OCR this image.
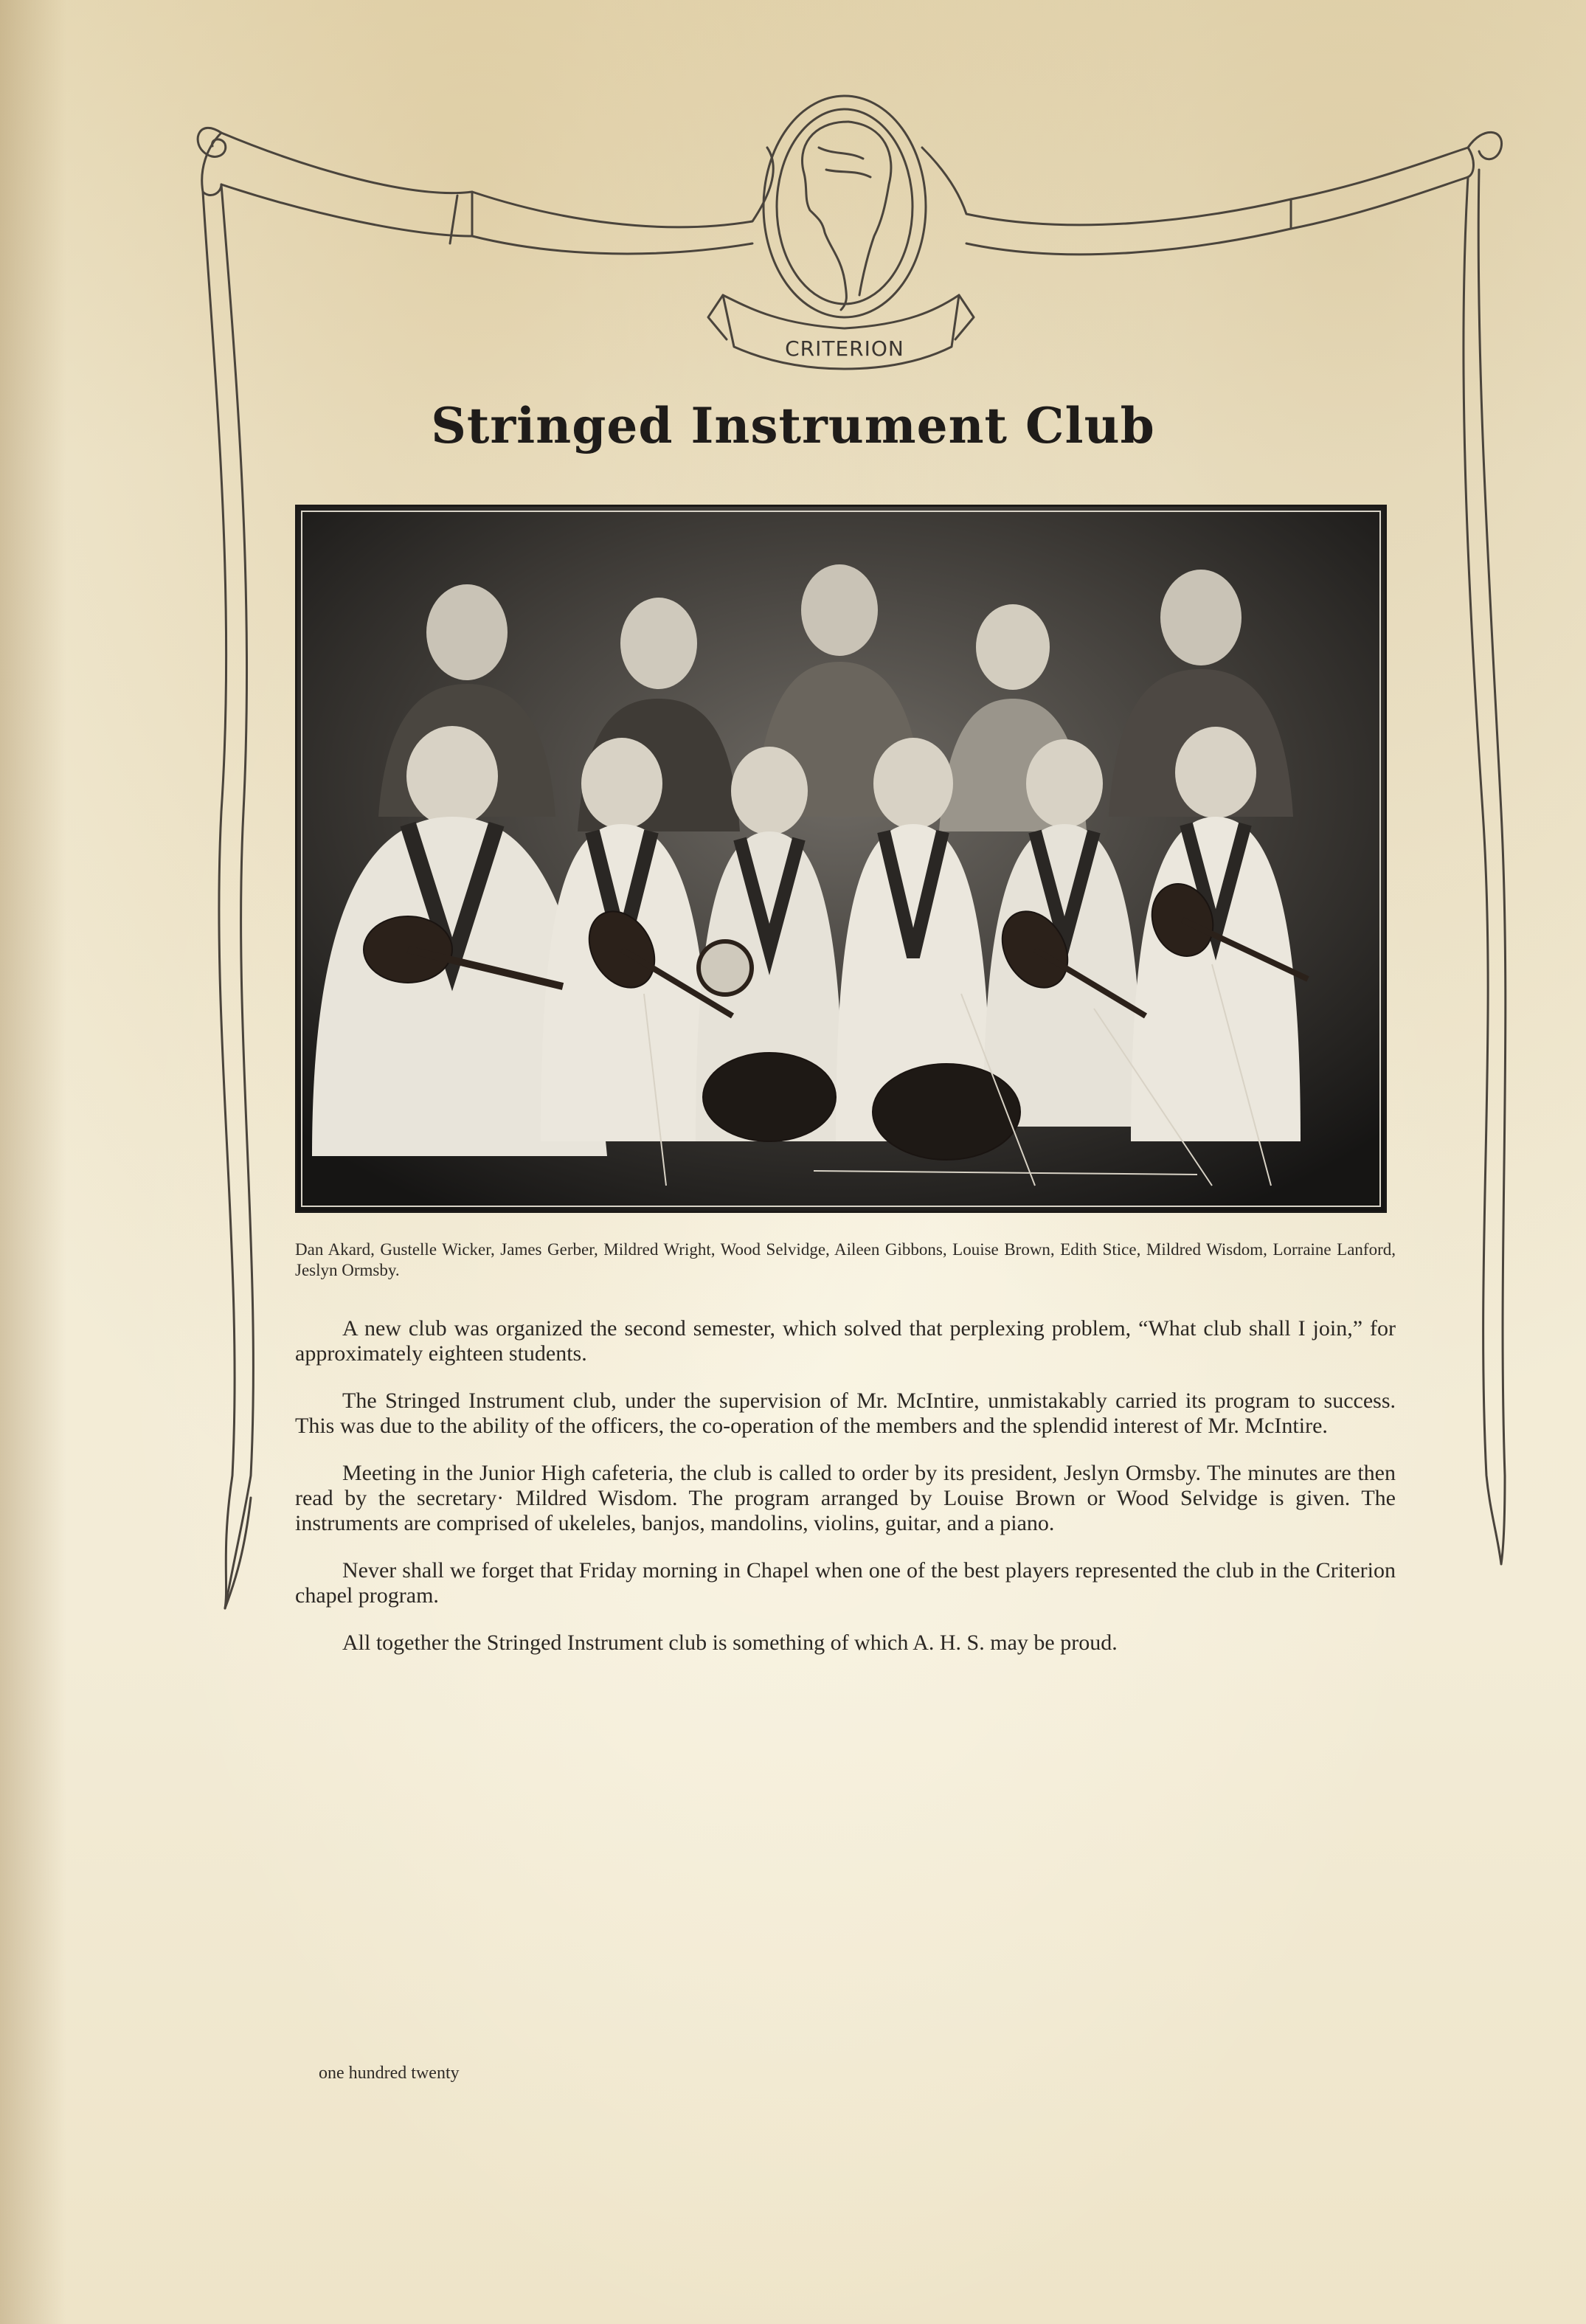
CRITERION
Stringed Instrument Club
Dan Akard, Gustelle Wicker, James Gerber, Mildred Wright, Wood Selvidge, Aileen Gibbons, Louise Brown, Edith Stice, Mildred Wisdom, Lorraine Lanford, Jeslyn Ormsby.

A new club was organized the second semester, which solved that perplexing problem, “What club shall I join,” for approximately eighteen students.

The Stringed Instrument club, under the supervision of Mr. McIntire, unmistakably carried its program to success. This was due to the ability of the officers, the co-operation of the members and the splendid interest of Mr. McIntire.

Meeting in the Junior High cafeteria, the club is called to order by its president, Jeslyn Ormsby. The minutes are then read by the secretary· Mildred Wisdom. The program arranged by Louise Brown or Wood Selvidge is given. The instruments are comprised of ukeleles, banjos, mandolins, violins, guitar, and a piano.

Never shall we forget that Friday morning in Chapel when one of the best players represented the club in the Criterion chapel program.

All together the Stringed Instrument club is something of which A. H. S. may be proud.

one hundred twenty
